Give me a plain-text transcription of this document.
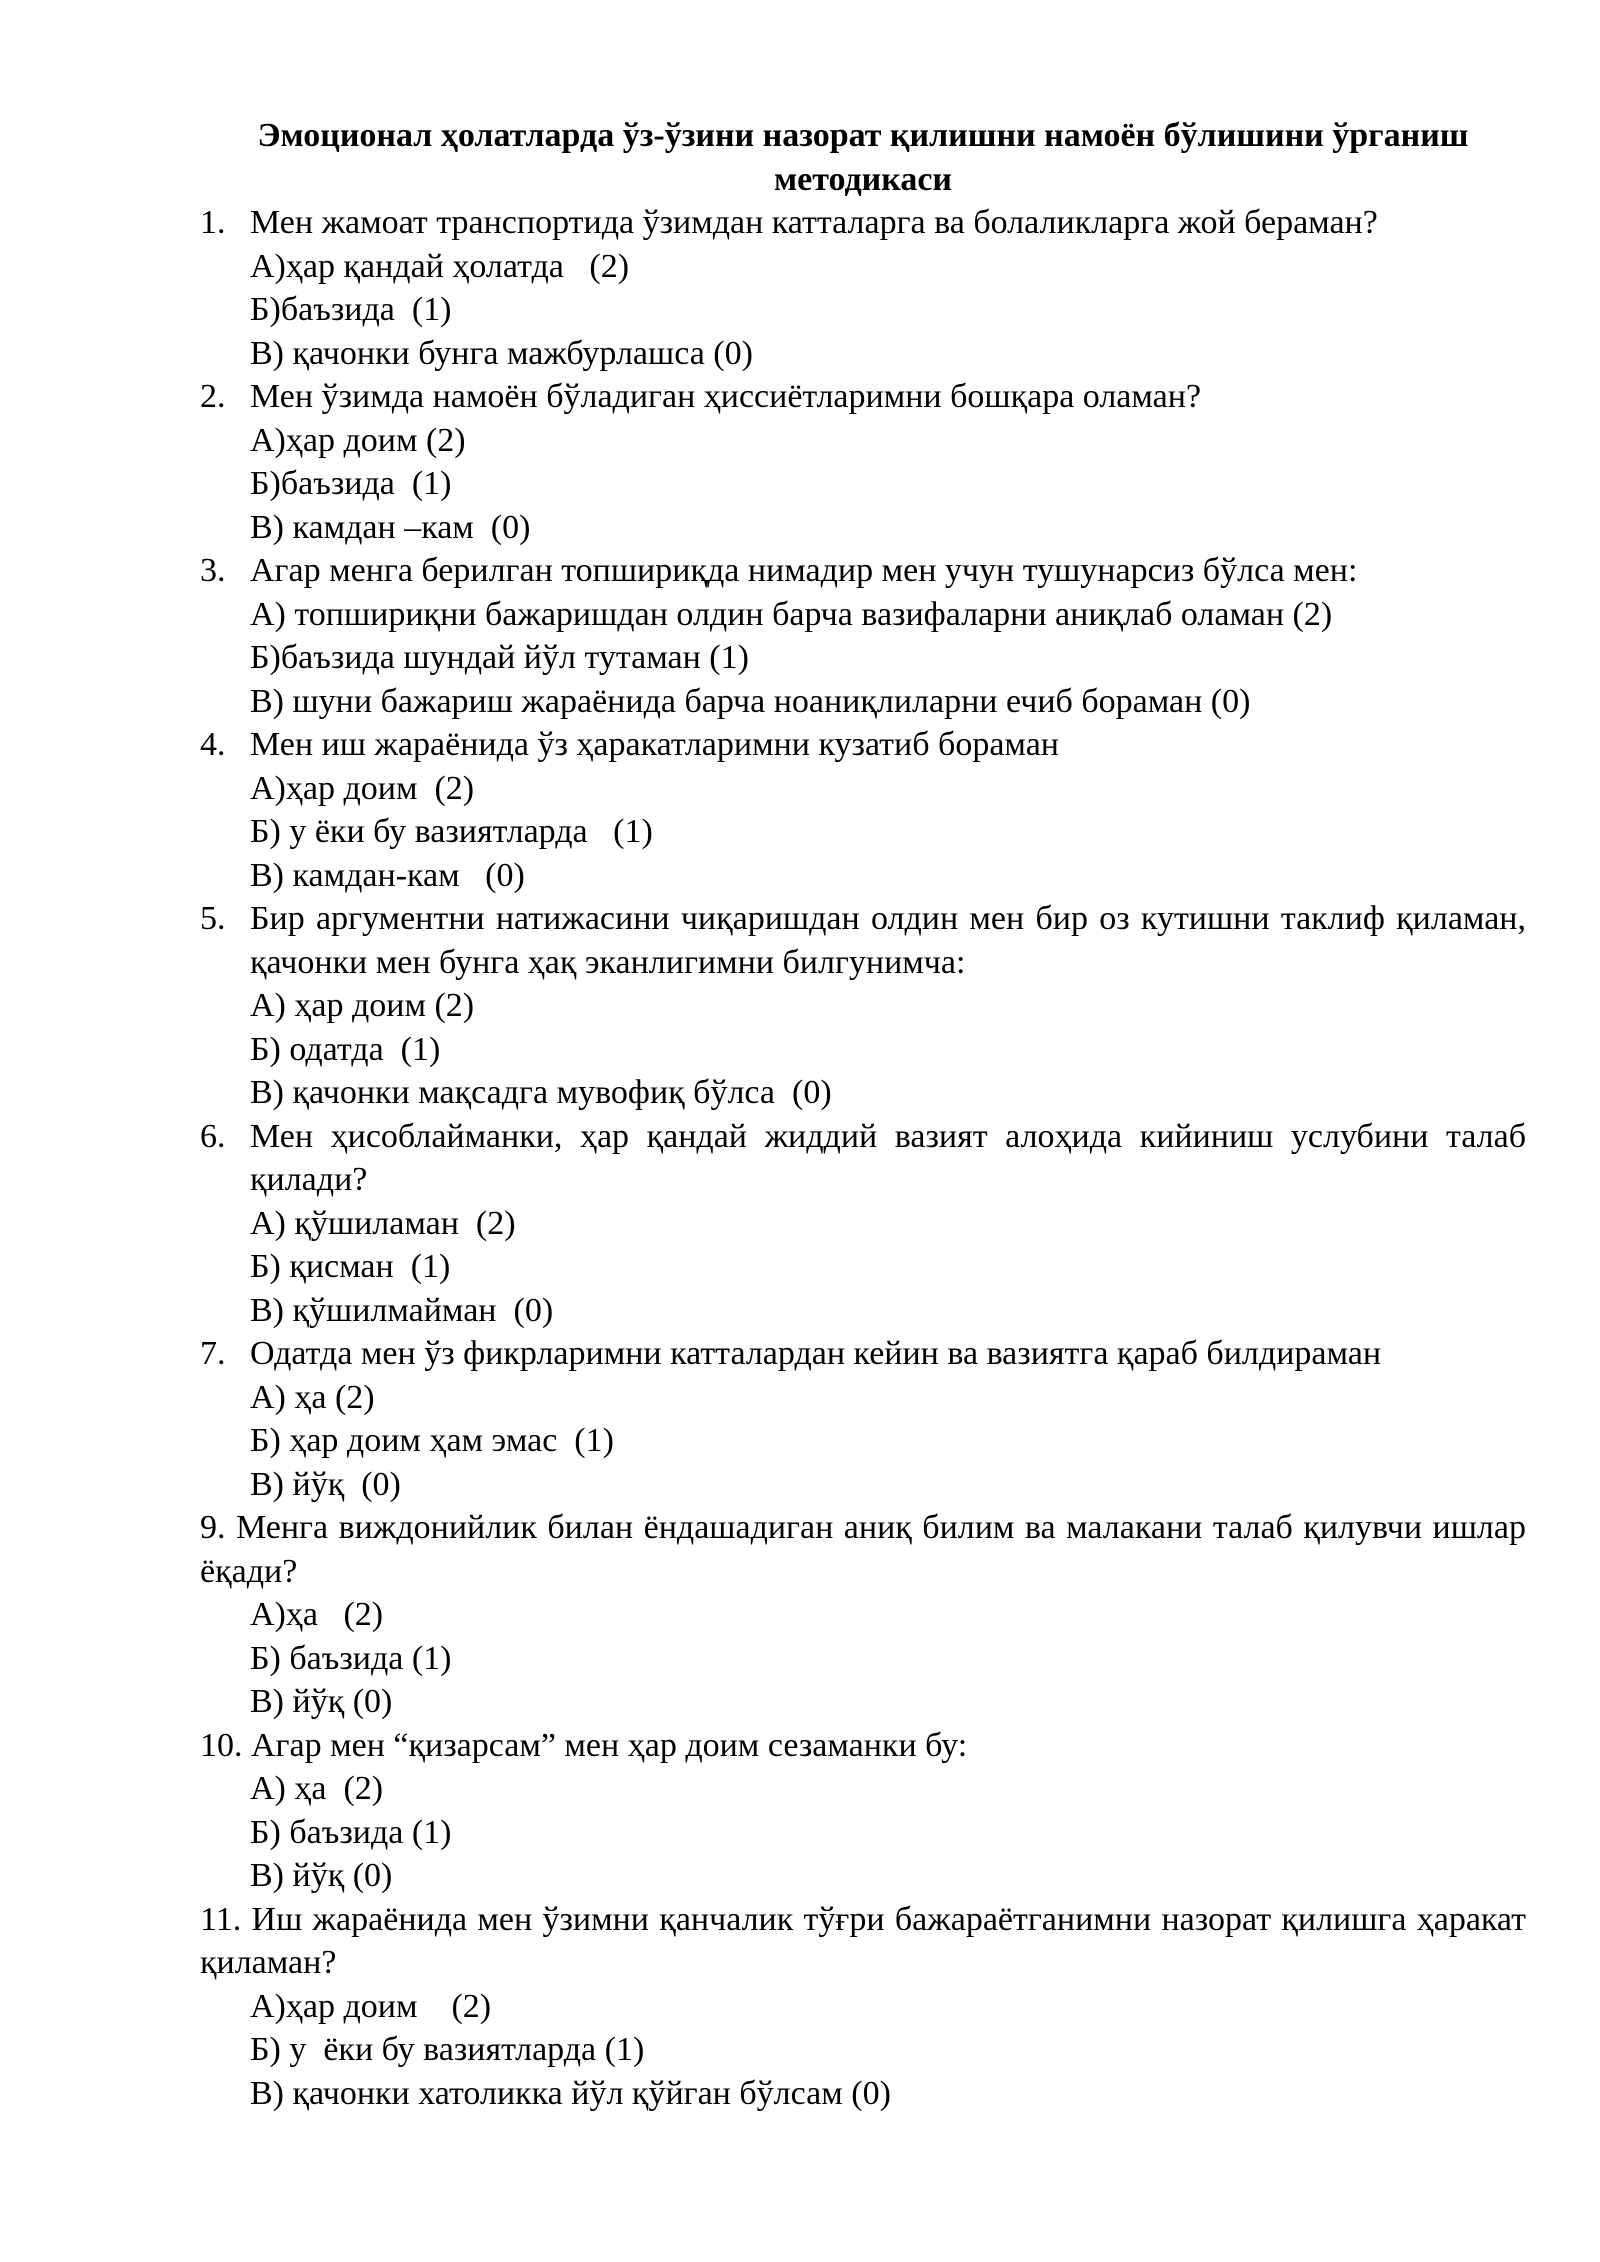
Эмоционал ҳолатларда ўз-ўзини назорат қилишни намоён бўлишини ўрганиш методикаси

1. Мен жамоат транспортида ўзимдан катталарга ва болаликларга жой бераман?

А)ҳар қандай ҳолатда   (2)

Б)баъзида  (1)

В) қачонки бунга мажбурлашса (0)

2. Мен ўзимда намоён бўладиган ҳиссиётларимни бошқара оламан?

А)ҳар доим (2)

Б)баъзида  (1)

В) камдан –кам  (0)

3. Агар менга берилган топшириқда нимадир мен учун тушунарсиз бўлса мен:

А) топшириқни бажаришдан олдин барча вазифаларни аниқлаб оламан (2)

Б)баъзида шундай йўл тутаман (1)

В) шуни бажариш жараёнида барча ноаниқлиларни ечиб бораман (0)

4. Мен иш жараёнида ўз ҳаракатларимни кузатиб бораман

А)ҳар доим  (2)

Б) у ёки бу вазиятларда   (1)

В) камдан-кам   (0)

5. Бир аргументни натижасини чиқаришдан олдин мен бир оз кутишни таклиф қиламан, қачонки мен бунга ҳақ эканлигимни билгунимча:

А) ҳар доим (2)

Б) одатда  (1)

В) қачонки мақсадга мувофиқ бўлса  (0)

6. Мен ҳисоблайманки, ҳар қандай жиддий вазият алоҳида кийиниш услубини талаб қилади?

А) қўшиламан  (2)

Б) қисман  (1)

В) қўшилмайман  (0)

7. Одатда мен ўз фикрларимни катталардан кейин ва вазиятга қараб билдираман

А) ҳа (2)

Б) ҳар доим ҳам эмас  (1)

В) йўқ  (0)

9. Менга виждонийлик билан ёндашадиган аниқ билим ва малакани талаб қилувчи ишлар ёқади?

А)ҳа   (2)

Б) баъзида (1)

В) йўқ (0)

10. Агар мен “қизарсам” мен ҳар доим сезаманки бу:

А) ҳа  (2)

Б) баъзида (1)

В) йўқ (0)

11. Иш жараёнида мен ўзимни қанчалик тўғри бажараётганимни назорат қилишга ҳаракат қиламан?

А)ҳар доим    (2)

Б) у  ёки бу вазиятларда (1)

В) қачонки хатоликка йўл қўйган бўлсам (0)
